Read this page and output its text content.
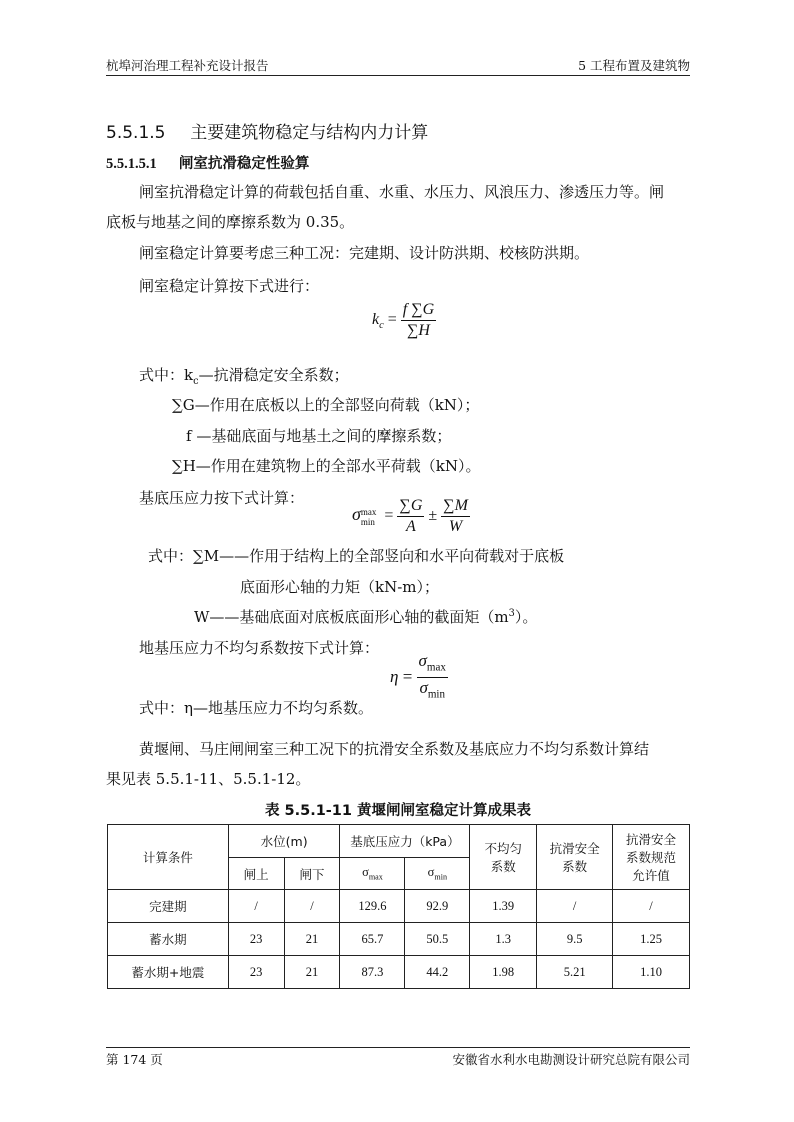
杭埠河治理工程补充设计报告	5 工程布置及建筑物
5.5.1.5 主要建筑物稳定与结构内力计算
5.5.1.5.1 闸室抗滑稳定性验算
闸室抗滑稳定计算的荷载包括自重、水重、水压力、风浪压力、渗透压力等。闸
底板与地基之间的摩擦系数为 0.35。
闸室稳定计算要考虑三种工况：完建期、设计防洪期、校核防洪期。
闸室稳定计算按下式进行：
$k_c = \frac{f \sum G}{\sum H}$
式中：$k_c—$抗滑稳定安全系数；
∑G—作用在底板以上的全部竖向荷载（kN）；
f —基础底面与地基土之间的摩擦系数；
∑H—作用在建筑物上的全部水平荷载（kN）。
基底压应力按下式计算：
σ max
$\min = \frac{\sum G}{A} \pm \frac{\sum M}{W}$
式中：∑M——作用于结构上的全部竖向和水平向荷载对于底板
底面形心轴的力矩（kN-m）；
W——基础底面对底板底面形心轴的截面矩$(m^3)$。
地基压应力不均匀系数按下式计算：
$\eta = \frac{\sigma_{max}}{\sigma_{min}}$
式中：η—地基压应力不均匀系数。
黄堰闸、马庄闸闸室三种工况下的抗滑安全系数及基底应力不均匀系数计算结
果见表 5.5.1-11、5.5.1-12。
表 5.5.1-11 黄堰闸闸室稳定计算成果表
计算条件	水位(m)		基底压应力（kPa）		不均匀系数	抗滑安全系数	抗滑安全系数规范允许值
	闸上	闸下	$\sigma_{max}$	$\sigma_{min}$
完建期	/	/	129.6	92.9	1.39	/	/
蓄水期	23	21	65.7	50.5	1.3	9.5	1.25
蓄水期+地震	23	21	87.3	44.2	1.98	5.21	1.10
第 174 页	安徽省水利水电勘测设计研究总院有限公司
